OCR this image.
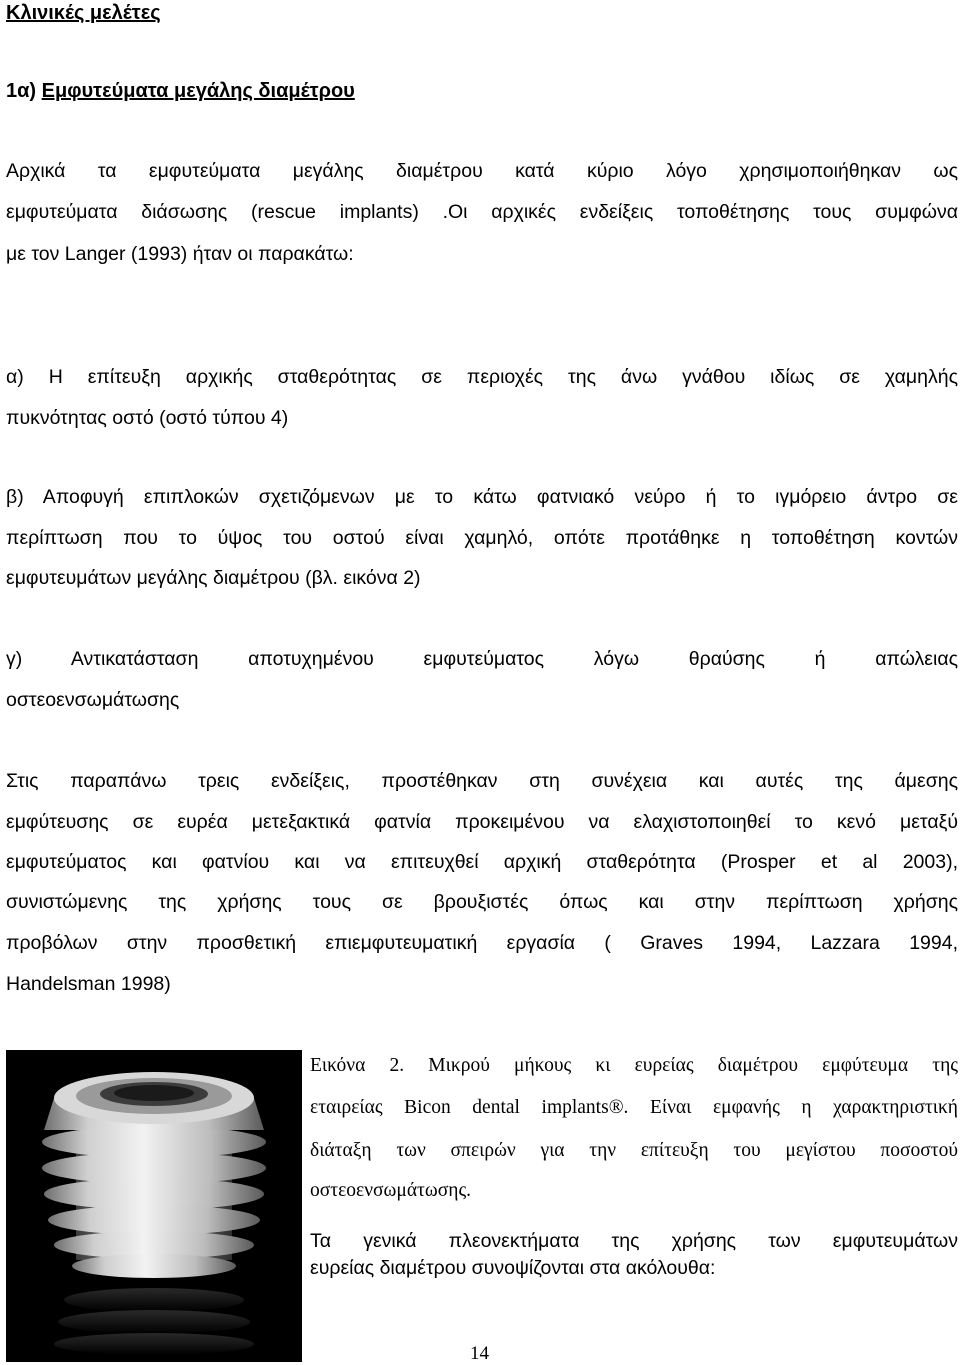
Κλινικές μελέτες
1α) Εμφυτεύματα μεγάλης διαμέτρου
Αρχικά τα εμφυτεύματα μεγάλης διαμέτρου κατά κύριο λόγο χρησιμοποιήθηκαν ως
εμφυτεύματα διάσωσης (rescue implants) .Οι αρχικές ενδείξεις τοποθέτησης τους συμφώνα
με τον Langer (1993) ήταν οι παρακάτω:
α) Η επίτευξη αρχικής σταθερότητας σε περιοχές της άνω γνάθου ιδίως σε χαμηλής
πυκνότητας οστό (οστό τύπου 4)
β) Αποφυγή επιπλοκών σχετιζόμενων με το κάτω φατνιακό νεύρο ή το ιγμόρειο άντρο σε
περίπτωση που το ύψος του οστού είναι χαμηλό, οπότε προτάθηκε η τοποθέτηση κοντών
εμφυτευμάτων μεγάλης διαμέτρου (βλ. εικόνα 2)
γ) Αντικατάσταση αποτυχημένου εμφυτεύματος λόγω θραύσης ή απώλειας
οστεοενσωμάτωσης
Στις παραπάνω τρεις ενδείξεις, προστέθηκαν στη συνέχεια και αυτές της άμεσης
εμφύτευσης σε ευρέα μετεξακτικά φατνία προκειμένου να ελαχιστοποιηθεί το κενό μεταξύ
εμφυτεύματος και φατνίου και να επιτευχθεί αρχική σταθερότητα (Prosper et al 2003),
συνιστώμενης της χρήσης τους σε βρουξιστές όπως και στην περίπτωση χρήσης
προβόλων στην προσθετική επιεμφυτευματική εργασία ( Graves 1994, Lazzara 1994,
Handelsman 1998)
Εικόνα 2. Μικρού μήκους κι ευρείας διαμέτρου εμφύτευμα της
εταιρείας Bicon dental implants®. Είναι εμφανής η χαρακτηριστική
διάταξη των σπειρών για την επίτευξη του μεγίστου ποσοστού
οστεοενσωμάτωσης.
Τα γενικά πλεονεκτήματα της χρήσης των εμφυτευμάτων
ευρείας διαμέτρου συνοψίζονται στα ακόλουθα:
14
